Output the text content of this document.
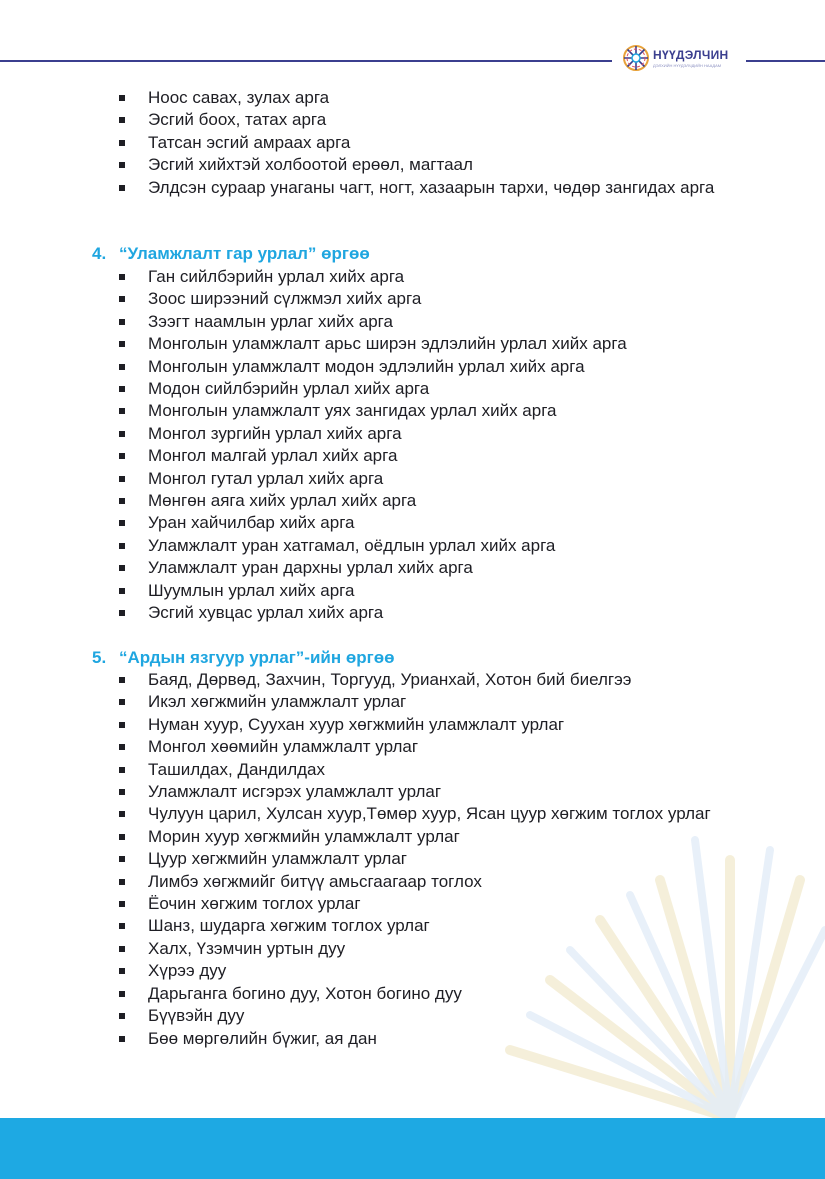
НҮҮДЭЛЧИН
ДЭЛХИЙН НҮҮДЭЛЧДИЙН НААДАМ
Ноос савах, зулах арга
Эсгий боох, татах арга
Татсан эсгий амраах арга
Эсгий хийхтэй холбоотой ерөөл, магтаал
Элдсэн сураар унаганы чагт, ногт, хазаарын тархи, чөдөр зангидах арга
4. “Уламжлалт гар урлал” өргөө
Ган сийлбэрийн урлал хийх арга
Зоос ширээний сүлжмэл хийх арга
Зээгт наамлын урлаг хийх арга
Монголын уламжлалт арьс ширэн эдлэлийн урлал хийх арга
Монголын уламжлалт модон эдлэлийн урлал хийх арга
Модон сийлбэрийн урлал хийх арга
Монголын уламжлалт уях зангидах урлал хийх арга
Монгол зургийн урлал хийх арга
Монгол малгай урлал хийх арга
Монгол гутал урлал хийх арга
Мөнгөн аяга хийх урлал хийх арга
Уран хайчилбар хийх арга
Уламжлалт уран хатгамал, оёдлын урлал хийх арга
Уламжлалт уран дархны урлал хийх арга
Шуумлын урлал хийх арга
Эсгий хувцас урлал хийх арга
5. “Ардын язгуур урлаг”-ийн өргөө
Баяд, Дөрвөд, Захчин, Торгууд, Урианхай, Хотон бий биелгээ
Икэл хөгжмийн уламжлалт урлаг
Нуман хуур, Суухан хуур хөгжмийн уламжлалт урлаг
Монгол хөөмийн уламжлалт урлаг
Ташилдах, Дандилдах
Уламжлалт исгэрэх уламжлалт урлаг
Чулуун царил, Хулсан хуур,Төмөр хуур, Ясан цуур хөгжим тоглох урлаг
Морин хуур хөгжмийн уламжлалт урлаг
Цуур хөгжмийн уламжлалт урлаг
Лимбэ хөгжмийг битүү амьсгаагаар тоглох
Ёочин хөгжим тоглох урлаг
Шанз, шударга хөгжим тоглох урлаг
Халх, Үзэмчин уртын дуу
Хүрээ дуу
Дарьганга богино дуу, Хотон богино дуу
Бүүвэйн дуу
Бөө мөргөлийн бүжиг, ая дан
